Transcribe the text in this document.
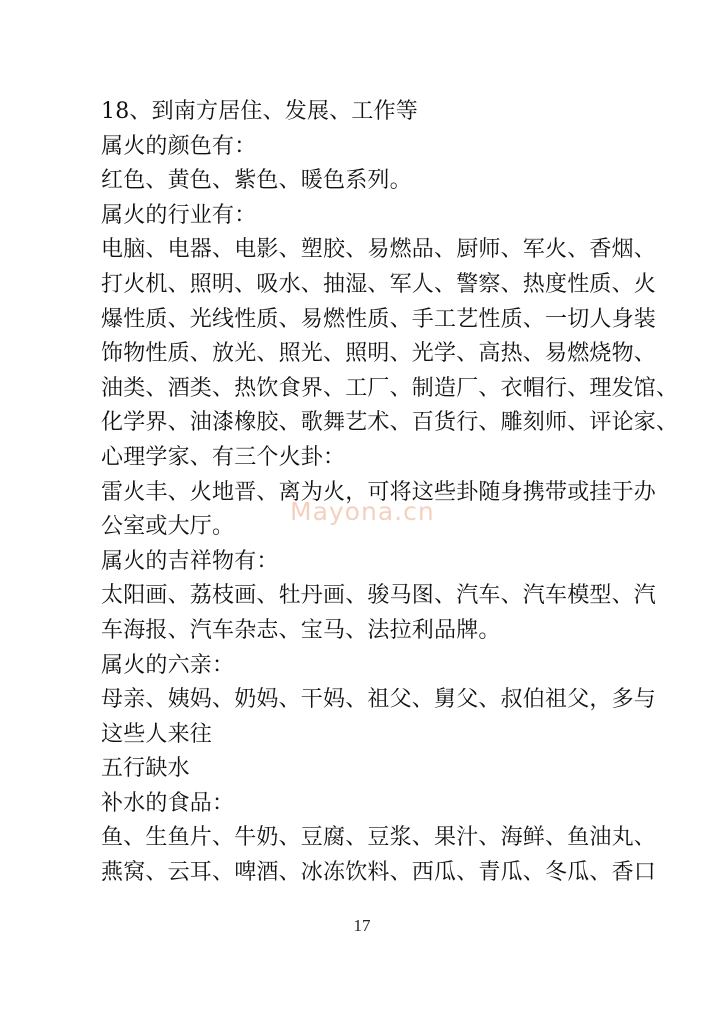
18、到南方居住、发展、工作等
属火的颜色有：
红色、黄色、紫色、暖色系列。
属火的行业有：
电脑、电器、电影、塑胶、易燃品、厨师、军火、香烟、
打火机、照明、吸水、抽湿、军人、警察、热度性质、火
爆性质、光线性质、易燃性质、手工艺性质、一切人身装
饰物性质、放光、照光、照明、光学、高热、易燃烧物、
油类、酒类、热饮食界、工厂、制造厂、衣帽行、理发馆、
化学界、油漆橡胶、歌舞艺术、百货行、雕刻师、评论家、
心理学家、有三个火卦：
雷火丰、火地晋、离为火，可将这些卦随身携带或挂于办
公室或大厅。
属火的吉祥物有：
太阳画、荔枝画、牡丹画、骏马图、汽车、汽车模型、汽
车海报、汽车杂志、宝马、法拉利品牌。
属火的六亲：
母亲、姨妈、奶妈、干妈、祖父、舅父、叔伯祖父，多与
这些人来往
五行缺水
补水的食品：
鱼、生鱼片、牛奶、豆腐、豆浆、果汁、海鲜、鱼油丸、
燕窝、云耳、啤酒、冰冻饮料、西瓜、青瓜、冬瓜、香口
Mayona.cn
17
